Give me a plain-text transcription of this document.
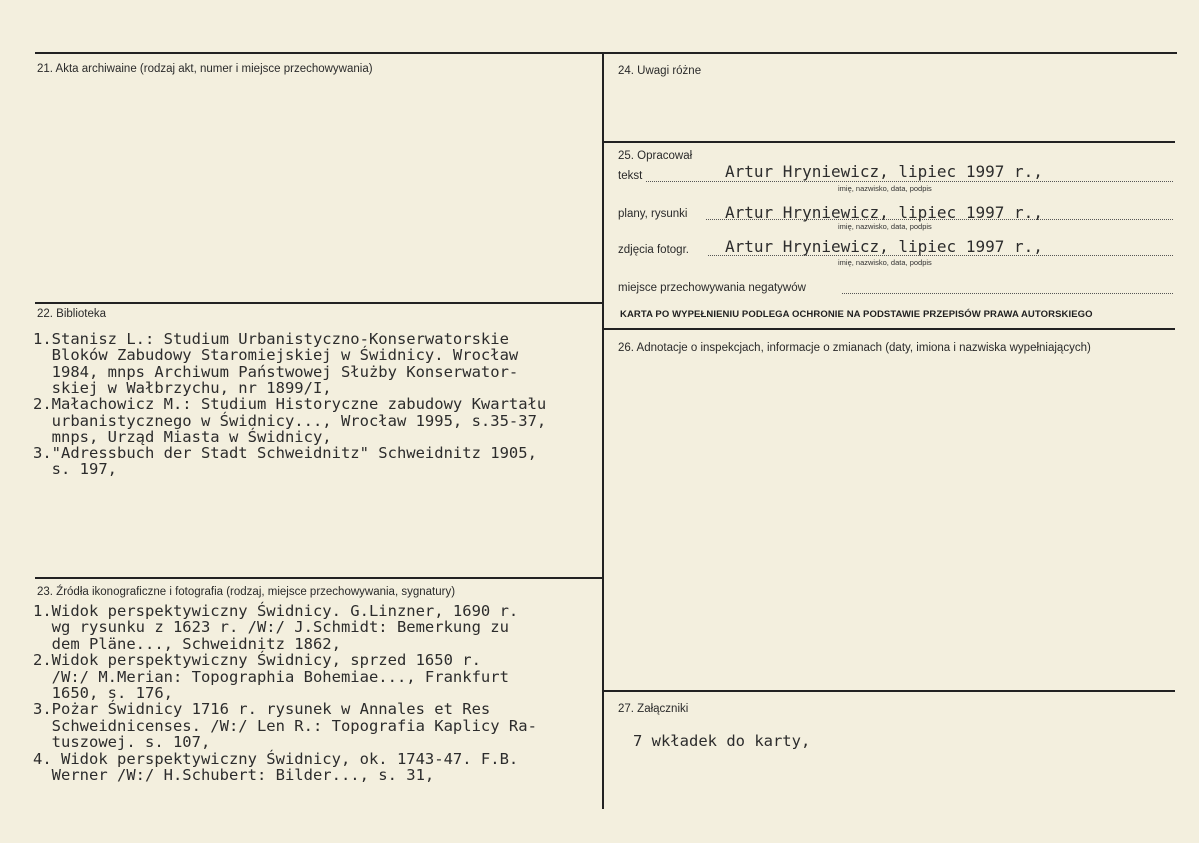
21. Akta archiwaine (rodzaj akt, numer i miejsce przechowywania)
22. Biblioteka
1.Stanisz L.: Studium Urbanistyczno-Konserwatorskie
Bloków Zabudowy Staromiejskiej w Świdnicy. Wrocław
1984, mnps Archiwum Państwowej Służby Konserwator-
skiej w Wałbrzychu, nr 1899/I,
2.Małachowicz M.: Studium Historyczne zabudowy Kwartału
urbanistycznego w Świdnicy..., Wrocław 1995, s.35-37,
mnps, Urząd Miasta w Świdnicy,
3."Adressbuch der Stadt Schweidnitz" Schweidnitz 1905,
s. 197,
23. Źródła ikonograficzne i fotografia (rodzaj, miejsce przechowywania, sygnatury)
1.Widok perspektywiczny Świdnicy. G.Linzner, 1690 r.
wg rysunku z 1623 r. /W:/ J.Schmidt: Bemerkung zu
dem Pläne..., Schweidnitz 1862,
2.Widok perspektywiczny Świdnicy, sprzed 1650 r.
/W:/ M.Merian: Topographia Bohemiae..., Frankfurt
1650, s. 176,
3.Pożar Świdnicy 1716 r. rysunek w Annales et Res
Schweidnicenses. /W:/ Len R.: Topografia Kaplicy Ra-
tuszowej. s. 107,
4. Widok perspektywiczny Świdnicy, ok. 1743-47. F.B.
Werner /W:/ H.Schubert: Bilder..., s. 31,
24. Uwagi różne
25. Opracował
tekst	Artur Hryniewicz, lipiec 1997 r.,
imię, nazwisko, data, podpis
plany, rysunki Artur Hryniewicz, lipiec 1997 r.,
imię, nazwisko, data, podpis
zdjęcia fotogr. Artur Hryniewicz, lipiec 1997 r.,
imię, nazwisko, data, podpis
miejsce przechowywania negatywów
KARTA PO WYPEŁNIENIU PODLEGA OCHRONIE NA PODSTAWIE PRZEPISÓW PRAWA AUTORSKIEGO
26. Adnotacje o inspekcjach, informacje o zmianach (daty, imiona i nazwiska wypełniających)
27. Załączniki
7 wkładek do karty,
